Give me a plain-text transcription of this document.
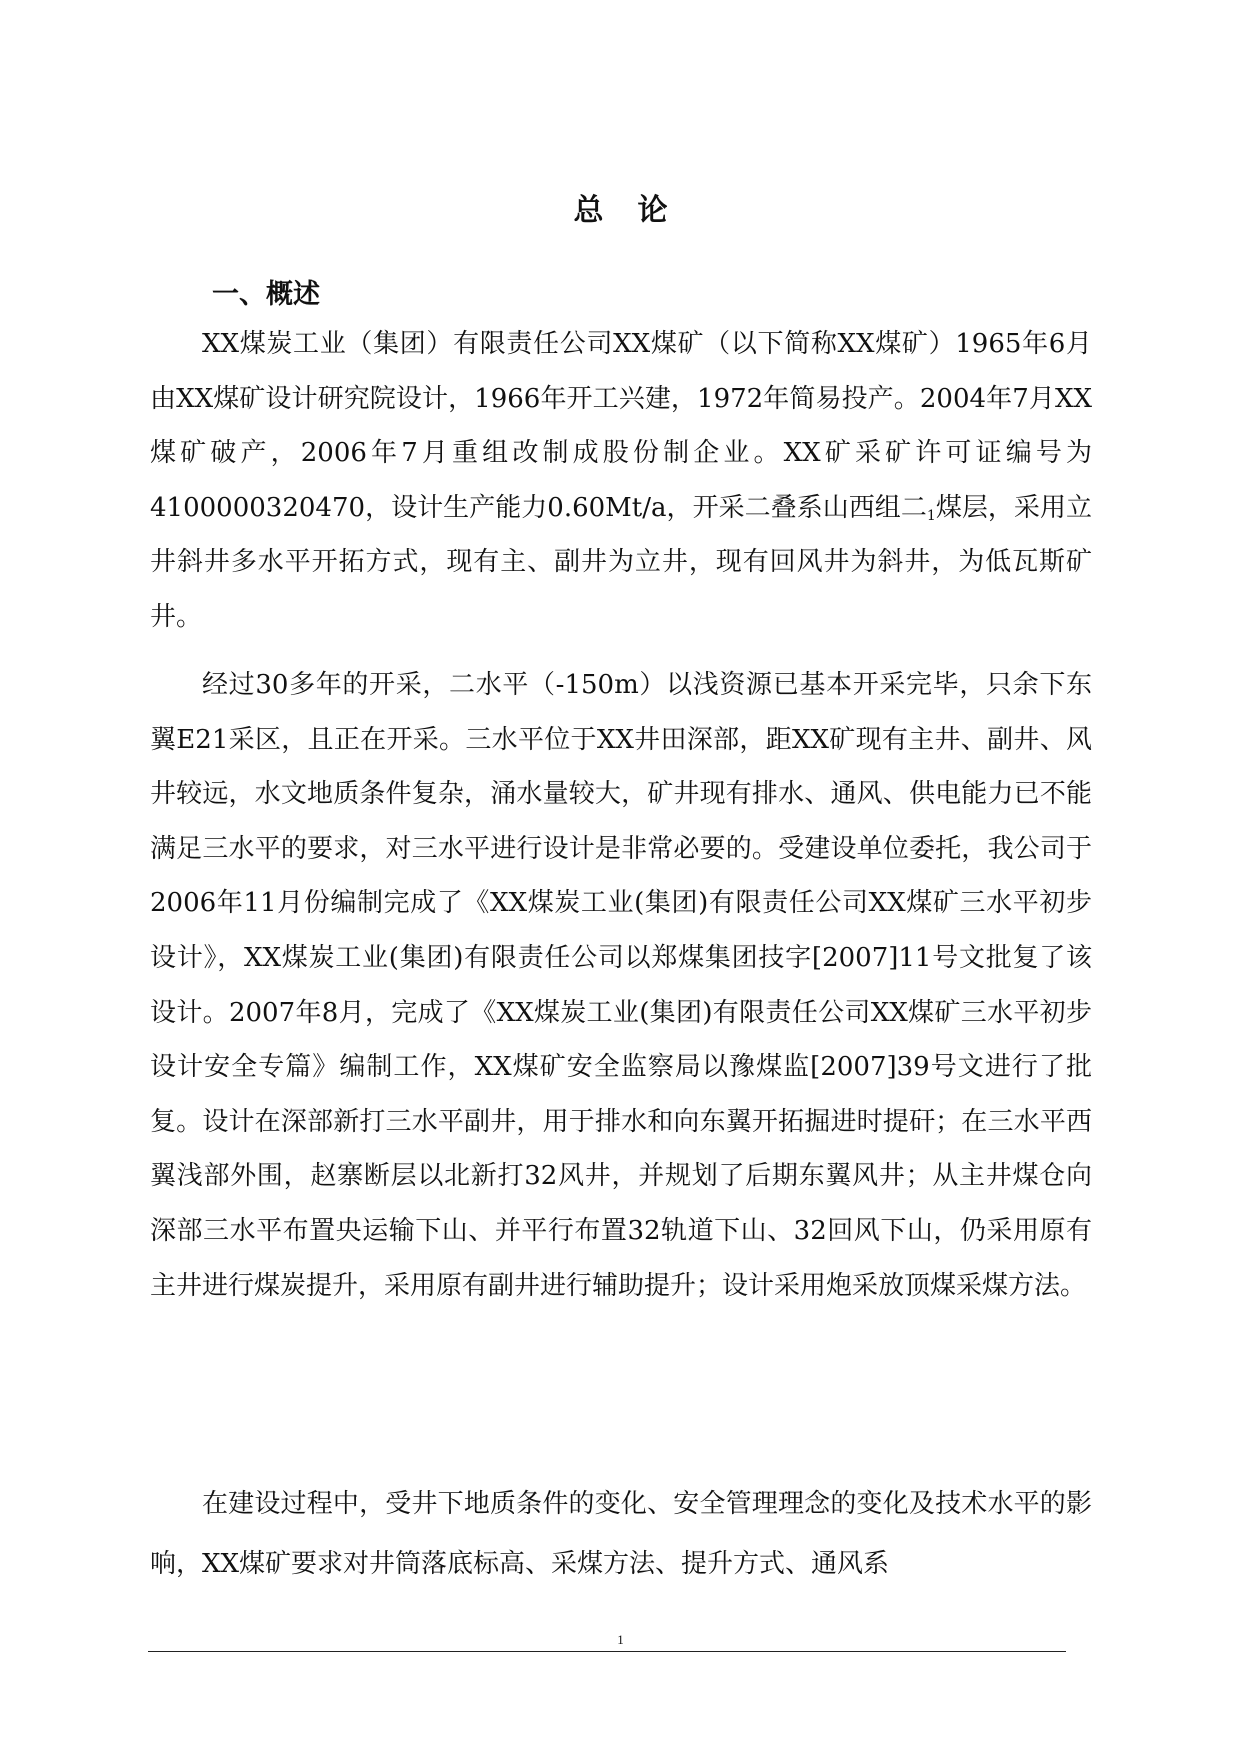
总 论
一、概述

XX煤炭工业（集团）有限责任公司XX煤矿（以下简称XX煤矿）1965年6月由XX煤矿设计研究院设计，1966年开工兴建，1972年简易投产。2004年7月XX煤矿破产，2006年7月重组改制成股份制企业。XX矿采矿许可证编号为4100000320470，设计生产能力0.60Mt/a，开采二叠系山西组二$_1$煤层，采用立井斜井多水平开拓方式，现有主、副井为立井，现有回风井为斜井，为低瓦斯矿井。

经过30多年的开采，二水平（-150m）以浅资源已基本开采完毕，只余下东翼E21采区，且正在开采。三水平位于XX井田深部，距XX矿现有主井、副井、风井较远，水文地质条件复杂，涌水量较大，矿井现有排水、通风、供电能力已不能满足三水平的要求，对三水平进行设计是非常必要的。受建设单位委托，我公司于2006年11月份编制完成了《XX煤炭工业(集团)有限责任公司XX煤矿三水平初步设计》，XX煤炭工业(集团)有限责任公司以郑煤集团技字[2007]11号文批复了该设计。2007年8月，完成了《XX煤炭工业(集团)有限责任公司XX煤矿三水平初步设计安全专篇》编制工作，XX煤矿安全监察局以豫煤监[2007]39号文进行了批复。设计在深部新打三水平副井，用于排水和向东翼开拓掘进时提矸；在三水平西翼浅部外围，赵寨断层以北新打32风井，并规划了后期东翼风井；从主井煤仓向深部三水平布置央运输下山、并平行布置32轨道下山、32回风下山，仍采用原有主井进行煤炭提升，采用原有副井进行辅助提升；设计采用炮采放顶煤采煤方法。

在建设过程中，受井下地质条件的变化、安全管理理念的变化及技术水平的影响，XX煤矿要求对井筒落底标高、采煤方法、提升方式、通风系

1
